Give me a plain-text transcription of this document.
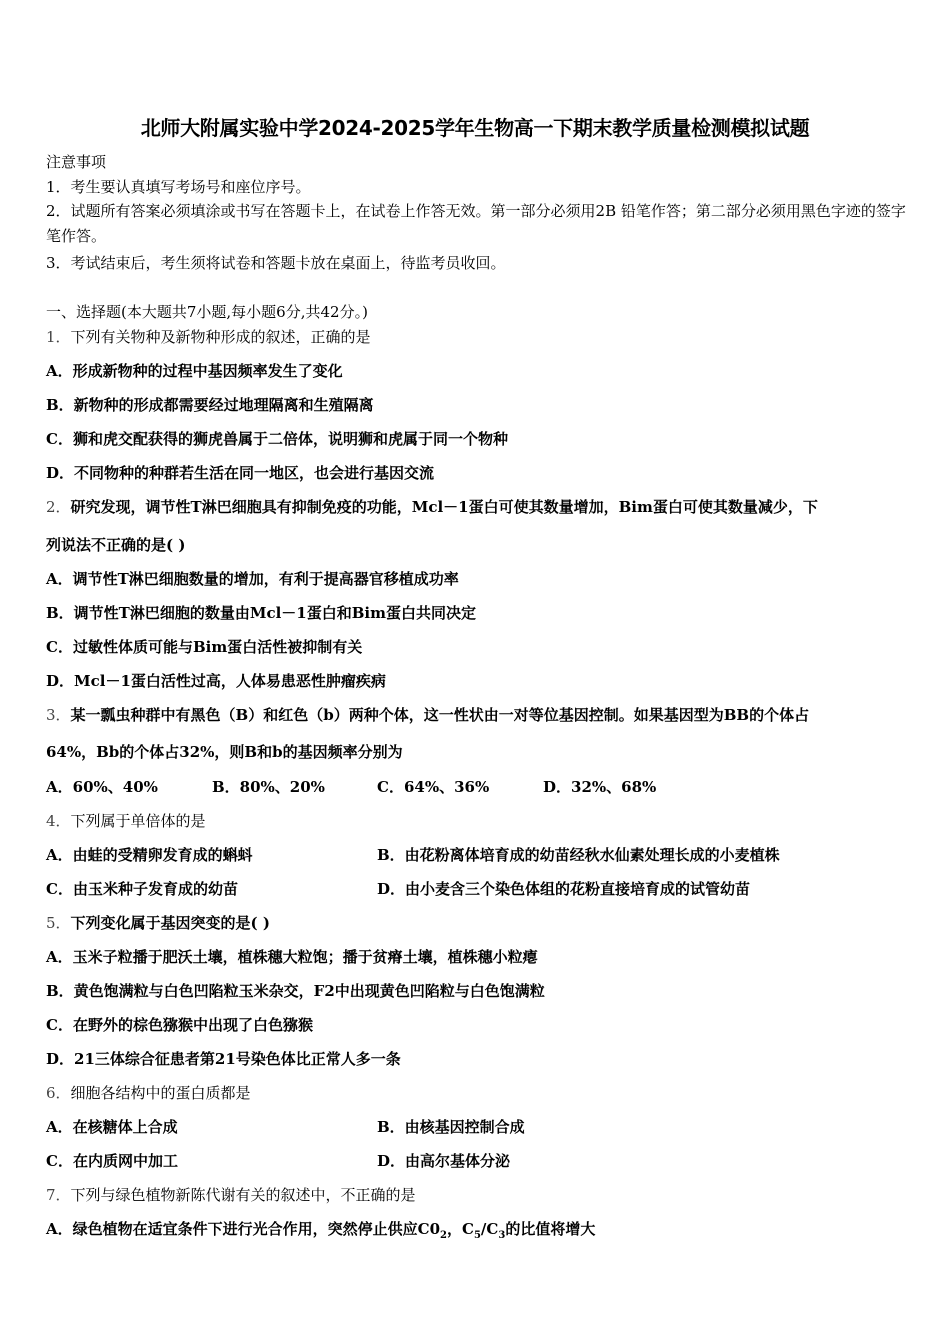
北师大附属实验中学2024-2025学年生物高一下期末教学质量检测模拟试题
注意事项
1．考生要认真填写考场号和座位序号。
2．试题所有答案必须填涂或书写在答题卡上，在试卷上作答无效。第一部分必须用2B 铅笔作答；第二部分必须用黑色字迹的签字笔作答。
3．考试结束后，考生须将试卷和答题卡放在桌面上，待监考员收回。
一、选择题(本大题共7小题,每小题6分,共42分。)
1．下列有关物种及新物种形成的叙述，正确的是
A．形成新物种的过程中基因频率发生了变化
B．新物种的形成都需要经过地理隔离和生殖隔离
C．狮和虎交配获得的狮虎兽属于二倍体，说明狮和虎属于同一个物种
D．不同物种的种群若生活在同一地区，也会进行基因交流
2．研究发现，调节性T淋巴细胞具有抑制免疫的功能，Mcl－1蛋白可使其数量增加，Bim蛋白可使其数量减少，下
列说法不正确的是( )
A．调节性T淋巴细胞数量的增加，有利于提高器官移植成功率
B．调节性T淋巴细胞的数量由Mcl－1蛋白和Bim蛋白共同决定
C．过敏性体质可能与Bim蛋白活性被抑制有关
D．Mcl－1蛋白活性过高，人体易患恶性肿瘤疾病
3．某一瓢虫种群中有黑色（B）和红色（b）两种个体，这一性状由一对等位基因控制。如果基因型为BB的个体占
64%，Bb的个体占32%，则B和b的基因频率分别为
A．60%、40%	B．80%、20%	C．64%、36%	D．32%、68%
4．下列属于单倍体的是
A．由蛙的受精卵发育成的蝌蚪	B．由花粉离体培育成的幼苗经秋水仙素处理长成的小麦植株
C．由玉米种子发育成的幼苗	D．由小麦含三个染色体组的花粉直接培育成的试管幼苗
5．下列变化属于基因突变的是( )
A．玉米子粒播于肥沃土壤，植株穗大粒饱；播于贫瘠土壤，植株穗小粒瘪
B．黄色饱满粒与白色凹陷粒玉米杂交，F2中出现黄色凹陷粒与白色饱满粒
C．在野外的棕色猕猴中出现了白色猕猴
D．21三体综合征患者第21号染色体比正常人多一条
6．细胞各结构中的蛋白质都是
A．在核糖体上合成	B．由核基因控制合成
C．在内质网中加工	D．由高尔基体分泌
7．下列与绿色植物新陈代谢有关的叙述中，不正确的是
A．绿色植物在适宜条件下进行光合作用，突然停止供应$C0_2$，$C_5/C_3$的比值将增大
